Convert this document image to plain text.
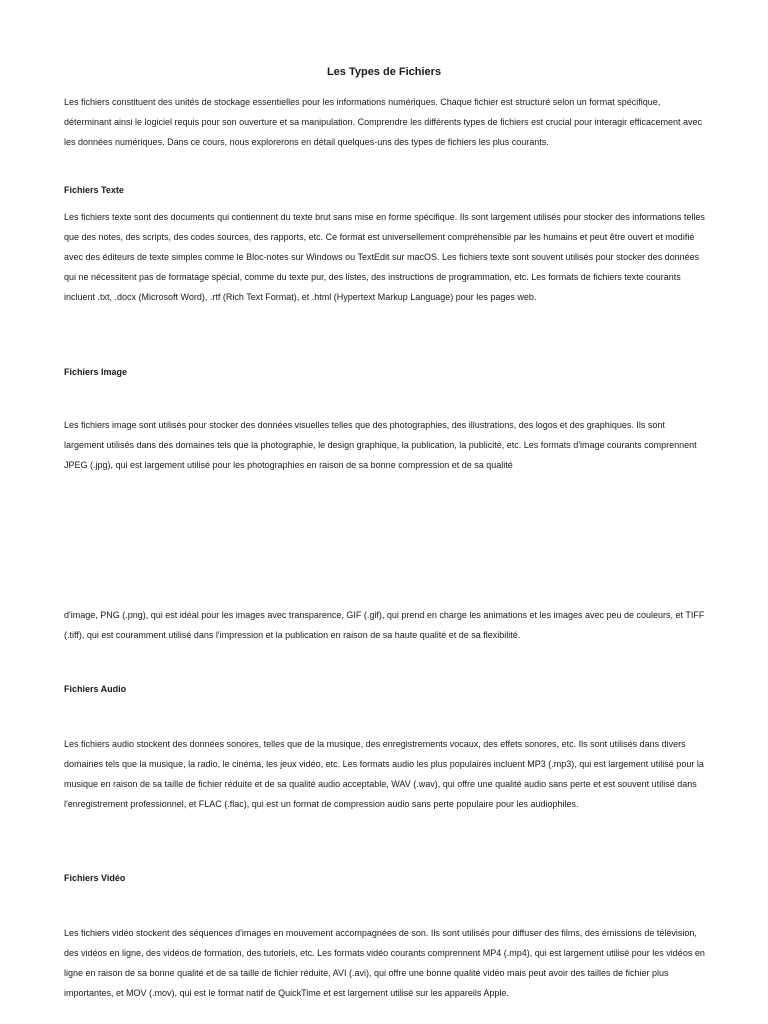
Les Types de Fichiers

Les fichiers constituent des unités de stockage essentielles pour les informations numériques. Chaque fichier est structuré selon un format spécifique, déterminant ainsi le logiciel requis pour son ouverture et sa manipulation. Comprendre les différents types de fichiers est crucial pour interagir efficacement avec les données numériques. Dans ce cours, nous explorerons en détail quelques-uns des types de fichiers les plus courants.

Fichiers Texte

Les fichiers texte sont des documents qui contiennent du texte brut sans mise en forme spécifique. Ils sont largement utilisés pour stocker des informations telles que des notes, des scripts, des codes sources, des rapports, etc. Ce format est universellement compréhensible par les humains et peut être ouvert et modifié avec des éditeurs de texte simples comme le Bloc-notes sur Windows ou TextEdit sur macOS. Les fichiers texte sont souvent utilisés pour stocker des données qui ne nécessitent pas de formatage spécial, comme du texte pur, des listes, des instructions de programmation, etc. Les formats de fichiers texte courants incluent .txt, .docx (Microsoft Word), .rtf (Rich Text Format), et .html (Hypertext Markup Language) pour les pages web.

Fichiers Image

Les fichiers image sont utilisés pour stocker des données visuelles telles que des photographies, des illustrations, des logos et des graphiques. Ils sont largement utilisés dans des domaines tels que la photographie, le design graphique, la publication, la publicité, etc. Les formats d'image courants comprennent JPEG (.jpg), qui est largement utilisé pour les photographies en raison de sa bonne compression et de sa qualité

d'image, PNG (.png), qui est idéal pour les images avec transparence, GIF (.gif), qui prend en charge les animations et les images avec peu de couleurs, et TIFF (.tiff), qui est couramment utilisé dans l'impression et la publication en raison de sa haute qualité et de sa flexibilité.

Fichiers Audio

Les fichiers audio stockent des données sonores, telles que de la musique, des enregistrements vocaux, des effets sonores, etc. Ils sont utilisés dans divers domaines tels que la musique, la radio, le cinéma, les jeux vidéo, etc. Les formats audio les plus populaires incluent MP3 (.mp3), qui est largement utilisé pour la musique en raison de sa taille de fichier réduite et de sa qualité audio acceptable, WAV (.wav), qui offre une qualité audio sans perte et est souvent utilisé dans l'enregistrement professionnel, et FLAC (.flac), qui est un format de compression audio sans perte populaire pour les audiophiles.

Fichiers Vidéo

Les fichiers vidéo stockent des séquences d'images en mouvement accompagnées de son. Ils sont utilisés pour diffuser des films, des émissions de télévision, des vidéos en ligne, des vidéos de formation, des tutoriels, etc. Les formats vidéo courants comprennent MP4 (.mp4), qui est largement utilisé pour les vidéos en ligne en raison de sa bonne qualité et de sa taille de fichier réduite, AVI (.avi), qui offre une bonne qualité vidéo mais peut avoir des tailles de fichier plus importantes, et MOV (.mov), qui est le format natif de QuickTime et est largement utilisé sur les appareils Apple.
